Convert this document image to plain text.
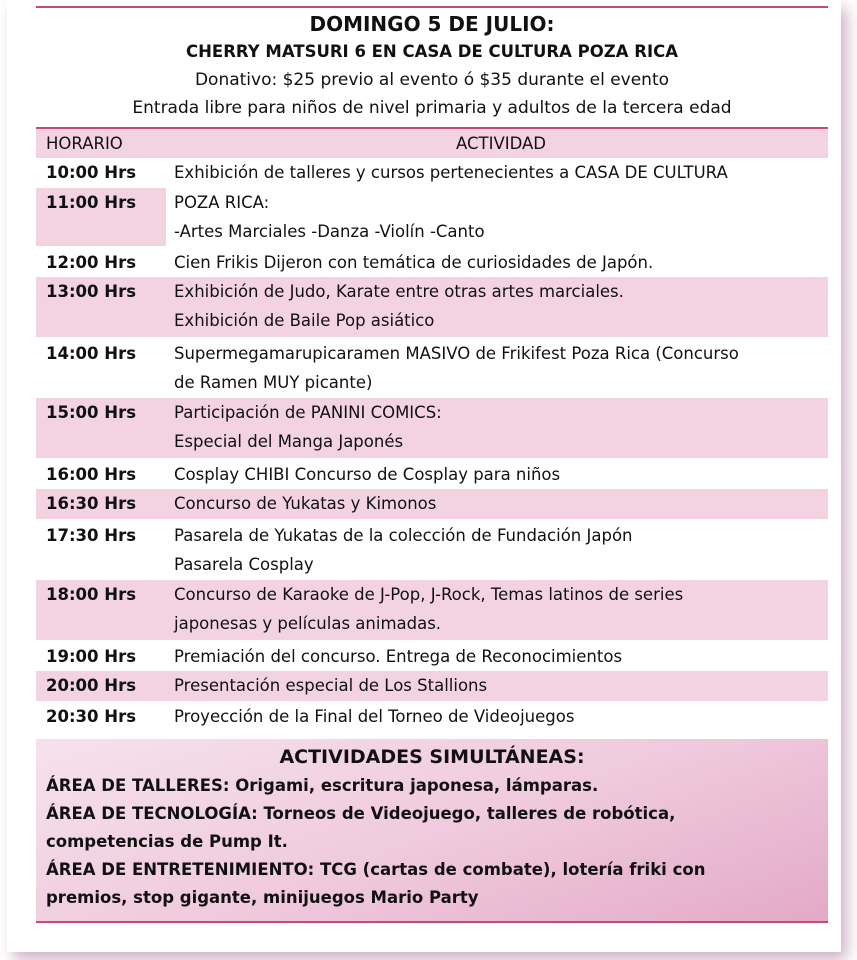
DOMINGO 5 DE JULIO:
CHERRY MATSURI 6 EN CASA DE CULTURA POZA RICA
Donativo: $25 previo al evento ó $35 durante el evento
Entrada libre para niños de nivel primaria y adultos de la tercera edad
HORARIO	ACTIVIDAD
10:00 Hrs	Exhibición de talleres y cursos pertenecientes a CASA DE CULTURA
11:00 Hrs	POZA RICA:
-Artes Marciales -Danza -Violín -Canto
12:00 Hrs	Cien Frikis Dijeron con temática de curiosidades de Japón.
13:00 Hrs	Exhibición de Judo, Karate entre otras artes marciales.
Exhibición de Baile Pop asiático
14:00 Hrs	Supermegamarupicaramen MASIVO de Frikifest Poza Rica (Concurso
de Ramen MUY picante)
15:00 Hrs	Participación de PANINI COMICS:
Especial del Manga Japonés
16:00 Hrs	Cosplay CHIBI Concurso de Cosplay para niños
16:30 Hrs	Concurso de Yukatas y Kimonos
17:30 Hrs	Pasarela de Yukatas de la colección de Fundación Japón
Pasarela Cosplay
18:00 Hrs	Concurso de Karaoke de J-Pop, J-Rock, Temas latinos de series
japonesas y películas animadas.
19:00 Hrs	Premiación del concurso. Entrega de Reconocimientos
20:00 Hrs	Presentación especial de Los Stallions
20:30 Hrs	Proyección de la Final del Torneo de Videojuegos
ACTIVIDADES SIMULTÁNEAS:
ÁREA DE TALLERES: Origami, escritura japonesa, lámparas.
ÁREA DE TECNOLOGÍA: Torneos de Videojuego, talleres de robótica,
competencias de Pump It.
ÁREA DE ENTRETENIMIENTO: TCG (cartas de combate), lotería friki con
premios, stop gigante, minijuegos Mario Party
